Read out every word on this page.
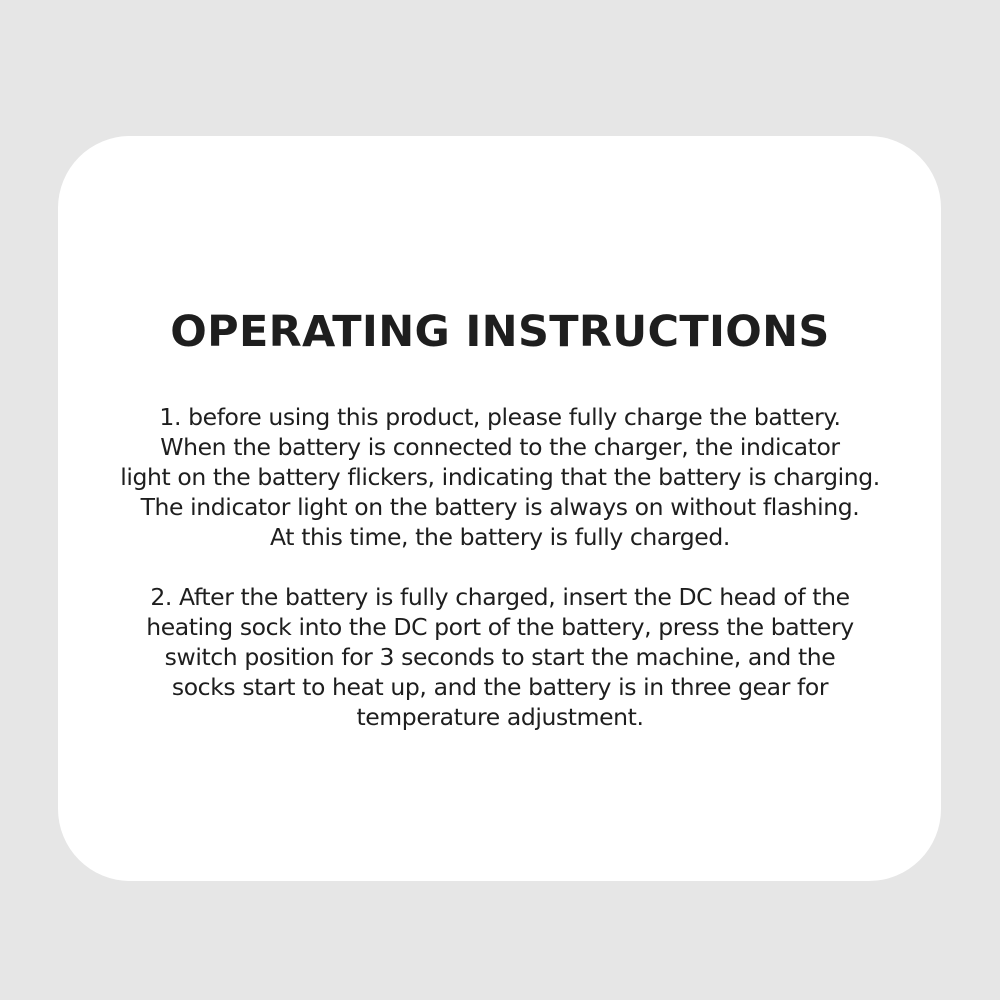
OPERATING INSTRUCTIONS

1. before using this product, please fully charge the battery.
When the battery is connected to the charger, the indicator
light on the battery flickers, indicating that the battery is charging.
The indicator light on the battery is always on without flashing.
At this time, the battery is fully charged.

2. After the battery is fully charged, insert the DC head of the
heating sock into the DC port of the battery, press the battery
switch position for 3 seconds to start the machine, and the
socks start to heat up, and the battery is in three gear for
temperature adjustment.
